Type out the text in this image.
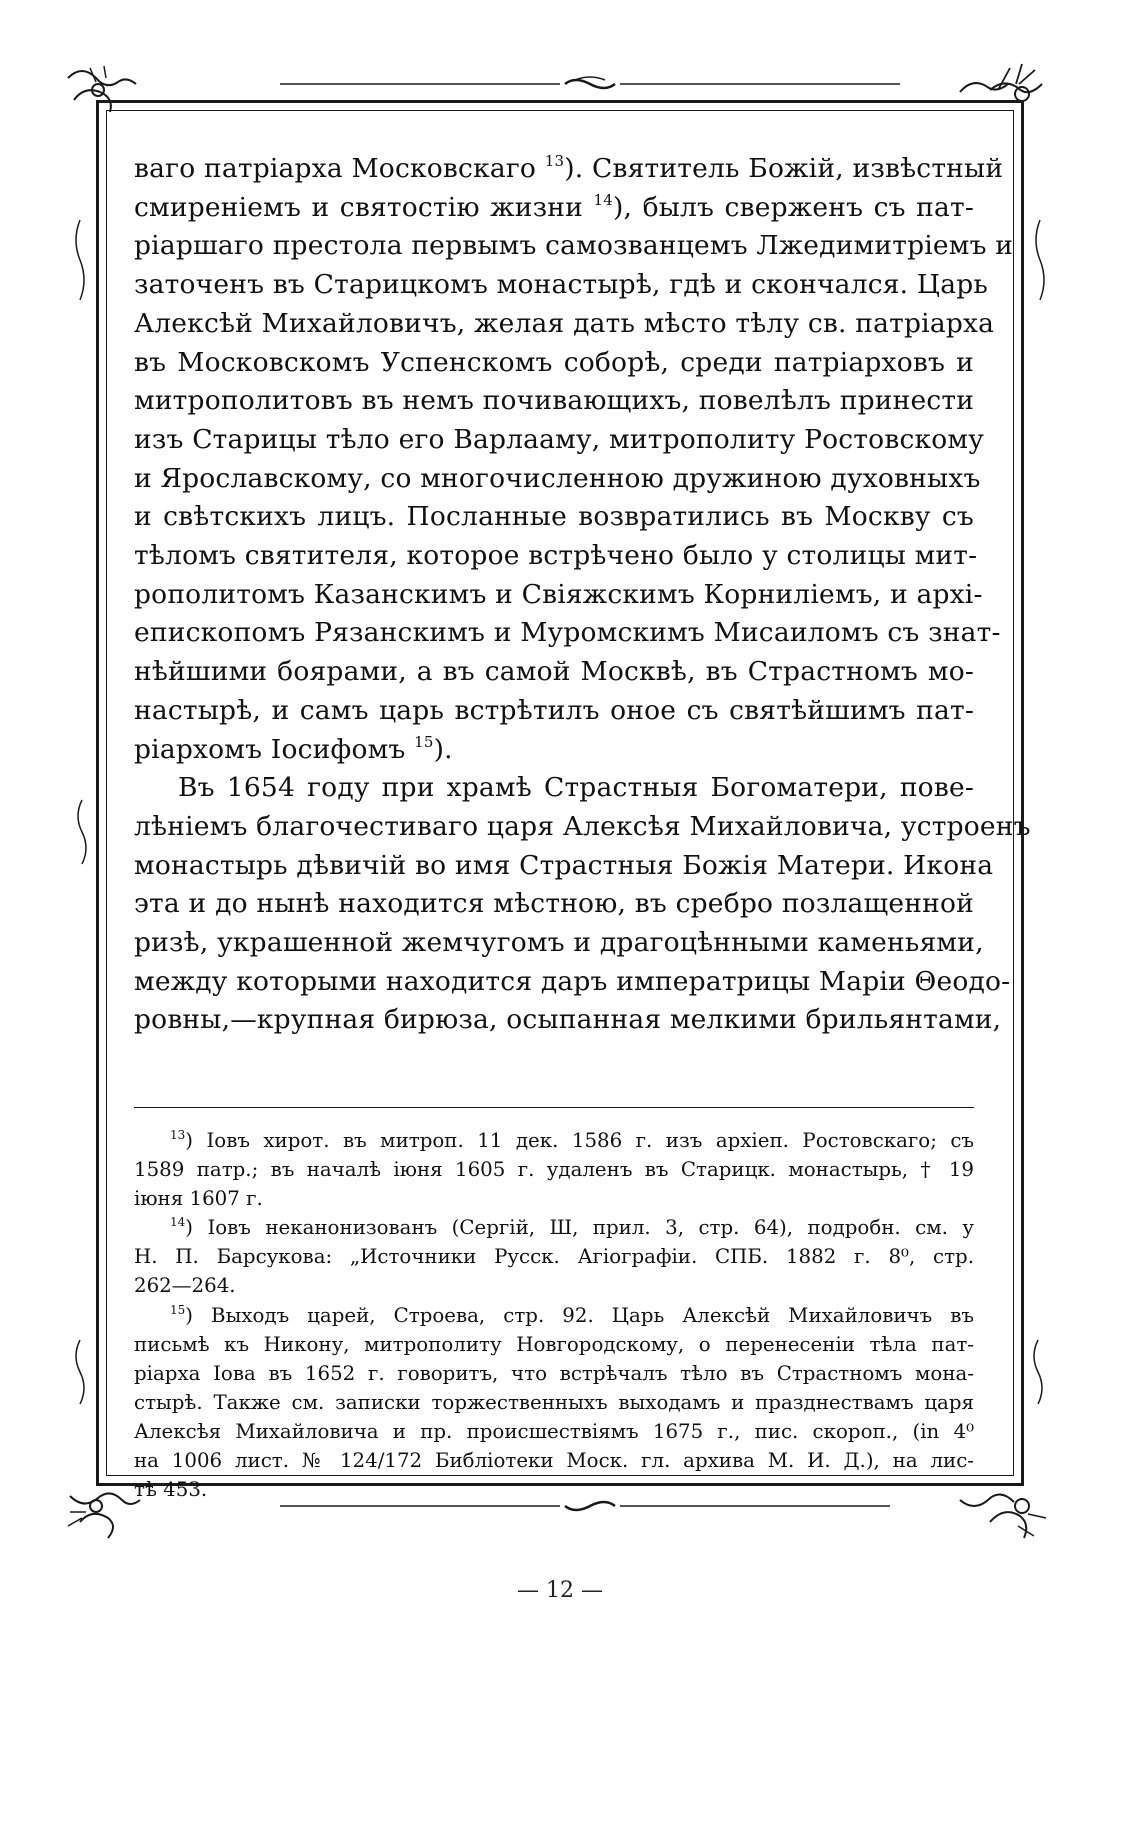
ваго патріарха Московскаго $^{13}$). Святитель Божій, извѣстный
смиреніемъ и святостію жизни $^{14}$), былъ сверженъ съ пат-
ріаршаго престола первымъ самозванцемъ Лжедимитріемъ и
заточенъ въ Старицкомъ монастырѣ, гдѣ и скончался. Царь
Алексѣй Михайловичъ, желая дать мѣсто тѣлу св. патріарха
въ Московскомъ Успенскомъ соборѣ, среди патріарховъ и
митрополитовъ въ немъ почивающихъ, повелѣлъ принести
изъ Старицы тѣло его Варлааму, митрополиту Ростовскому
и Ярославскому, со многочисленною дружиною духовныхъ
и свѣтскихъ лицъ. Посланные возвратились въ Москву съ
тѣломъ святителя, которое встрѣчено было у столицы мит-
рополитомъ Казанскимъ и Свіяжскимъ Корниліемъ, и архі-
епископомъ Рязанскимъ и Муромскимъ Мисаиломъ съ знат-
нѣйшими боярами, а въ самой Москвѣ, въ Страстномъ мо-
настырѣ, и самъ царь встрѣтилъ оное съ святѣйшимъ пат-
ріархомъ Іосифомъ $^{15}$).
Въ 1654 году при храмѣ Страстныя Богоматери, пове-
лѣніемъ благочестиваго царя Алексѣя Михайловича, устроенъ
монастырь дѣвичій во имя Страстныя Божія Матери. Икона
эта и до нынѣ находится мѣстною, въ сребро позлащенной
ризѣ, украшенной жемчугомъ и драгоцѣнными каменьями,
между которыми находится даръ императрицы Маріи Θеодо-
ровны,—крупная бирюза, осыпанная мелкими брильянтами,
$^{13}$) Іовъ хирот. въ митроп. 11 дек. 1586 г. изъ архіеп. Ростовскаго; съ
1589 патр.; въ началѣ іюня 1605 г. удаленъ въ Старицк. монастырь, † 19
іюня 1607 г.
$^{14}$) Іовъ неканонизованъ (Сергій, Ш, прил. 3, стр. 64), подробн. см. у
Н. П. Барсукова: „Источники Русск. Агіографіи. СПБ. 1882 г. 8⁰, стр.
262—264.
$^{15}$) Выходъ царей, Строева, стр. 92. Царь Алексѣй Михайловичъ въ
письмѣ къ Никону, митрополиту Новгородскому, о перенесеніи тѣла пат-
ріарха Іова въ 1652 г. говоритъ, что встрѣчалъ тѣло въ Страстномъ мона-
стырѣ. Также см. записки торжественныхъ выходамъ и празднествамъ царя
Алексѣя Михайловича и пр. происшествіямъ 1675 г., пис. скороп., (in 4⁰
на 1006 лист. № 124/172 Библіотеки Моск. гл. архива М. И. Д.), на лис-
тѣ 453.
— 12 —
